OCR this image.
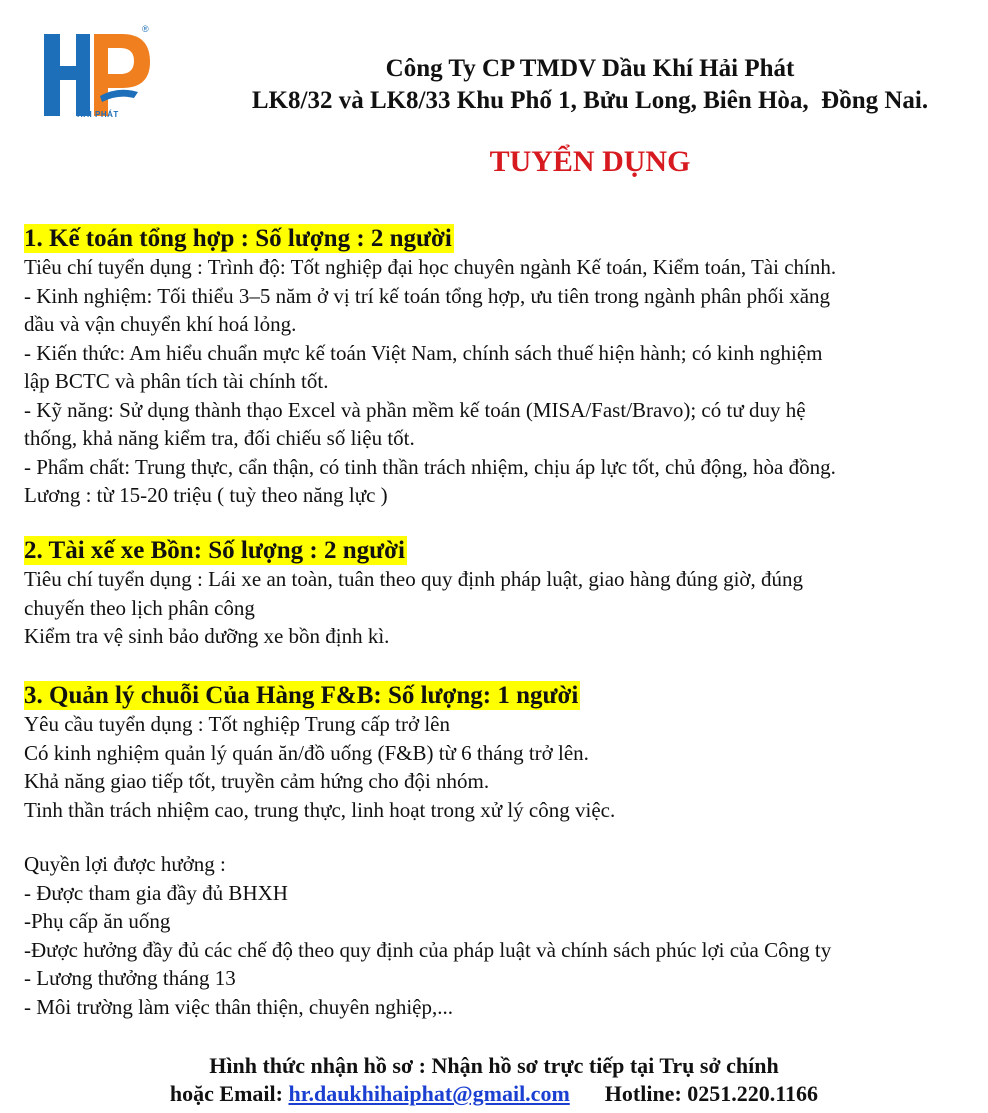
®
HẢI PHÁT
Công Ty CP TMDV Dầu Khí Hải Phát
LK8/32 và LK8/33 Khu Phố 1, Bửu Long, Biên Hòa,  Đồng Nai.
TUYỂN DỤNG
1. Kế toán tổng hợp : Số lượng : 2 người

Tiêu chí tuyển dụng : Trình độ: Tốt nghiệp đại học chuyên ngành Kế toán, Kiểm toán, Tài chính.

- Kinh nghiệm: Tối thiểu 3–5 năm ở vị trí kế toán tổng hợp, ưu tiên trong ngành phân phối xăng

dầu và vận chuyển khí hoá lỏng.

- Kiến thức: Am hiểu chuẩn mực kế toán Việt Nam, chính sách thuế hiện hành; có kinh nghiệm

lập BCTC và phân tích tài chính tốt.

- Kỹ năng: Sử dụng thành thạo Excel và phần mềm kế toán (MISA/Fast/Bravo); có tư duy hệ

thống, khả năng kiểm tra, đối chiếu số liệu tốt.

- Phẩm chất: Trung thực, cẩn thận, có tinh thần trách nhiệm, chịu áp lực tốt, chủ động, hòa đồng.

Lương : từ 15-20 triệu ( tuỳ theo năng lực )

2. Tài xế xe Bồn: Số lượng : 2 người

Tiêu chí tuyển dụng : Lái xe an toàn, tuân theo quy định pháp luật, giao hàng đúng giờ, đúng

chuyến theo lịch phân công

Kiểm tra vệ sinh bảo dưỡng xe bồn định kì.

3. Quản lý chuỗi Của Hàng F&B: Số lượng: 1 người

Yêu cầu tuyển dụng : Tốt nghiệp Trung cấp trở lên

Có kinh nghiệm quản lý quán ăn/đồ uống (F&B) từ 6 tháng trở lên.

Khả năng giao tiếp tốt, truyền cảm hứng cho đội nhóm.

Tinh thần trách nhiệm cao, trung thực, linh hoạt trong xử lý công việc.

Quyền lợi được hưởng :

- Được tham gia đầy đủ BHXH

-Phụ cấp ăn uống

-Được hưởng đầy đủ các chế độ theo quy định của pháp luật và chính sách phúc lợi của Công ty

- Lương thưởng tháng 13

- Môi trường làm việc thân thiện, chuyên nghiệp,...

Hình thức nhận hồ sơ : Nhận hồ sơ trực tiếp tại Trụ sở chính
hoặc Email: hr.daukhihaiphat@gmail.com Hotline: 0251.220.1166
